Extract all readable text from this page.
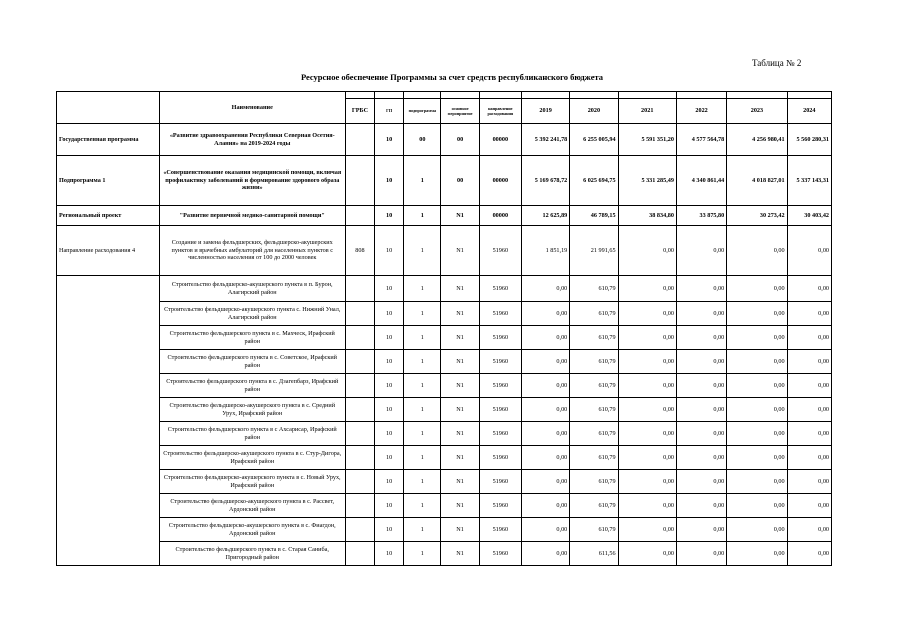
Таблица № 2
Ресурсное обеспечение Программы за счет средств республиканского бюджета
	Наименование											
		ГРБС	ГП	подпрограмма	основное мероприятие	направление расходования	2019	2020	2021	2022	2023	2024
Государственная программа	«Развитие здравоохранения Республики Северная Осетия-Алания» на 2019-2024 годы		10	00	00	00000	5 392 241,78	6 255 005,94	5 591 351,20	4 577 564,78	4 256 980,41	5 560 280,31
Подпрограмма 1	«Совершенствование оказания медицинской помощи, включая профилактику заболеваний и формирование здорового образа жизни»		10	1	00	00000	5 169 678,72	6 025 694,75	5 331 285,49	4 340 861,44	4 018 827,01	5 337 143,31
Региональный проект	"Развитие первичной медико-санитарной помощи"		10	1	N1	00000	12 625,89	46 789,15	38 834,80	33 875,80	30 273,42	30 403,42
Направление расходования 4	Создание и замена фельдшерских, фельдшерско-акушерских пунктов и врачебных амбулаторий для населенных пунктов с численностью населения от 100 до 2000 человек	808	10	1	N1	51960	1 851,19	21 991,65	0,00	0,00	0,00	0,00
	Строительство фельдшерско-акушерского пункта в п. Бурон, Алагирский район		10	1	N1	51960	0,00	610,79	0,00	0,00	0,00	0,00
	Строительство фельдшерско-акушерского пункта с. Нижний Унал, Алагирский район		10	1	N1	51960	0,00	610,79	0,00	0,00	0,00	0,00
	Строительство фельдшерского пункта в с. Махческ, Ирафский район		10	1	N1	51960	0,00	610,79	0,00	0,00	0,00	0,00
	Строительство фельдшерского пункта в с. Советское, Ирафский район		10	1	N1	51960	0,00	610,79	0,00	0,00	0,00	0,00
	Строительство фельдшерского пункта в с. Дзагепбарз, Ирафский район		10	1	N1	51960	0,00	610,79	0,00	0,00	0,00	0,00
	Строительство фельдшерско-акушерского пункта в с. Средний Урух, Ирафский район		10	1	N1	51960	0,00	610,79	0,00	0,00	0,00	0,00
	Строительство фельдшерского пункта в с Ахсарисар, Ирафский район		10	1	N1	51960	0,00	610,79	0,00	0,00	0,00	0,00
	Строительство фельдшерско-акушерского пункта в с. Стур-Дигора, Ирафский район		10	1	N1	51960	0,00	610,79	0,00	0,00	0,00	0,00
	Строительство фельдшерско-акушерского пункта в с. Новый Урух, Ирафский район		10	1	N1	51960	0,00	610,79	0,00	0,00	0,00	0,00
	Строительство фельдшерско-акушерского пункта в с. Рассвет, Ардонский район		10	1	N1	51960	0,00	610,79	0,00	0,00	0,00	0,00
	Строительство фельдшерско-акушерского пункта в с. Фиагдон, Ардонский район		10	1	N1	51960	0,00	610,79	0,00	0,00	0,00	0,00
	Строительство фельдшерского пункта в с. Старая Саниба, Пригородный район		10	1	N1	51960	0,00	611,56	0,00	0,00	0,00	0,00
